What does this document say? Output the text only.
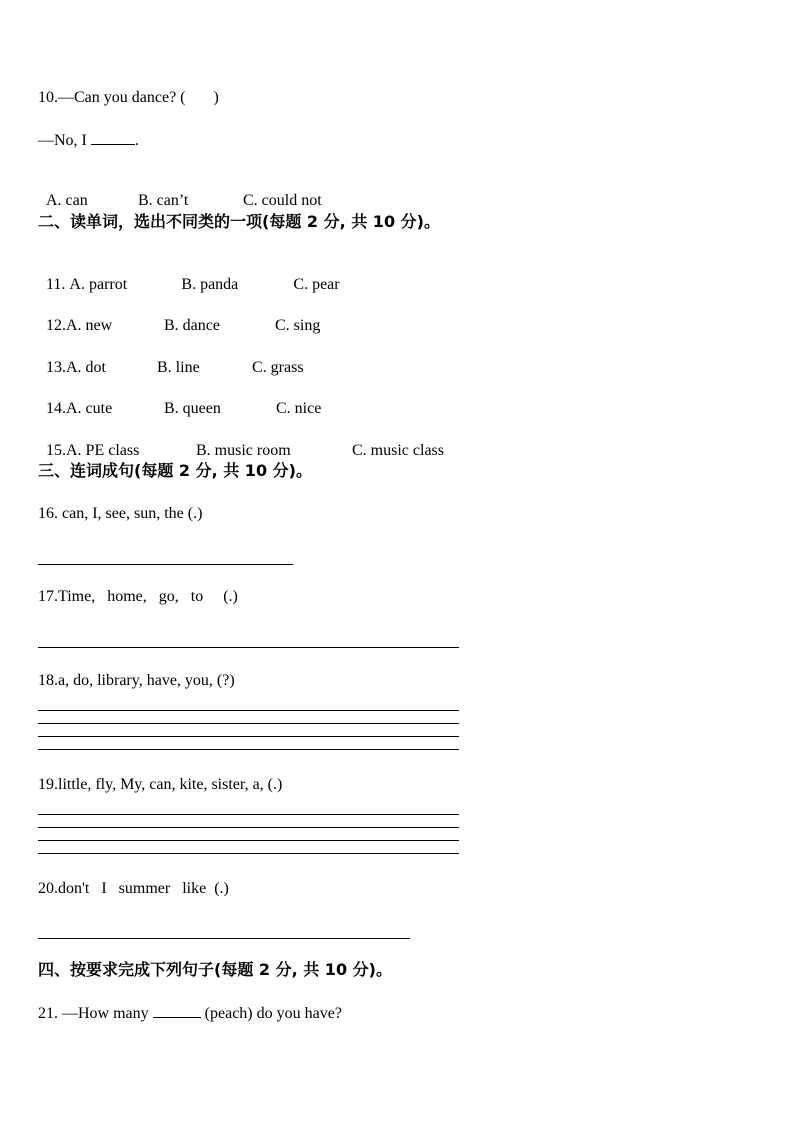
10.—Can you dance? (       )
—No, I	.

A. can	B. can’t	C. could not

二、读单词，选出不同类的一项(每题 2 分, 共 10 分)。

11. A. parrot	B. panda	C. pear

12.A. new	B. dance	C. sing

13.A. dot	B. line	C. grass

14.A. cute	B. queen	C. nice

15.A. PE class	B. music room	C. music class

三、连词成句(每题 2 分, 共 10 分)。
16. can, I, see, sun, the (.)
17.Time,   home,   go,   to     (.)
18.a, do, library, have, you, (?)
19.little, fly, My, can, kite, sister, a, (.)
20.don't   I   summer   like  (.)
四、按要求完成下列句子(每题 2 分, 共 10 分)。
21. —How many	(peach) do you have?
